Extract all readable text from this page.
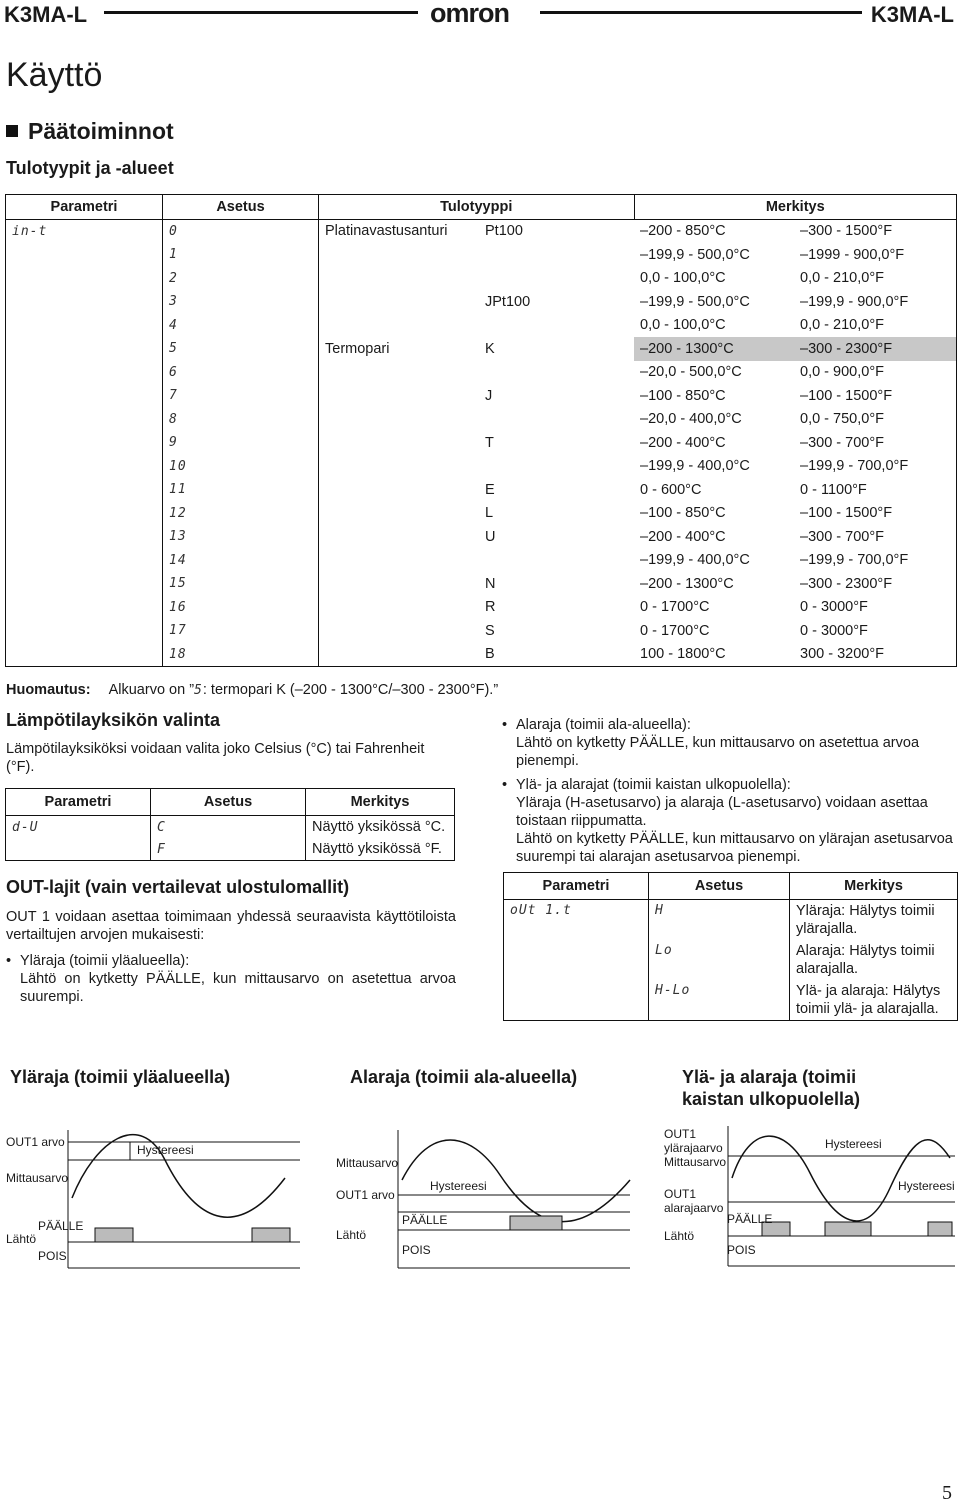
K3MA-L	omron	K3MA-L
Käyttö
Päätoiminnot
Tulotyypit ja -alueet
Parametri	Asetus	Tulotyyppi		Merkitys	
in-t	0	Platinavastusanturi	Pt100	–200 - 850°C	–300 - 1500°F
	1			–199,9 - 500,0°C	–1999 - 900,0°F
	2			0,0 - 100,0°C	0,0 - 210,0°F
	3		JPt100	–199,9 - 500,0°C	–199,9 - 900,0°F
	4			0,0 - 100,0°C	0,0 - 210,0°F
	5	Termopari	K	–200 - 1300°C	–300 - 2300°F
	6			–20,0 - 500,0°C	0,0 - 900,0°F
	7		J	–100 - 850°C	–100 - 1500°F
	8			–20,0 - 400,0°C	0,0 - 750,0°F
	9		T	–200 - 400°C	–300 - 700°F
	10			–199,9 - 400,0°C	–199,9 - 700,0°F
	11		E	0 - 600°C	0 - 1100°F
	12		L	–100 - 850°C	–100 - 1500°F
	13		U	–200 - 400°C	–300 - 700°F
	14			–199,9 - 400,0°C	–199,9 - 700,0°F
	15		N	–200 - 1300°C	–300 - 2300°F
	16		R	0 - 1700°C	0 - 3000°F
	17		S	0 - 1700°C	0 - 3000°F
	18		B	100 - 1800°C	300 - 3200°F
Huomautus: Alkuarvo on ”5: termopari K (–200 - 1300°C/–300 - 2300°F).”
Lämpötilayksikön valinta
Lämpötilayksiköksi voidaan valita joko Celsius (°C) tai Fahrenheit (°F).
Parametri	Asetus	Merkitys
d-U	C	Näyttö yksikössä °C.
	F	Näyttö yksikössä °F.
OUT-lajit (vain vertailevat ulostulomallit)
OUT 1 voidaan asettaa toimimaan yhdessä seuraavista käyttötiloista vertailtujen arvojen mukaisesti:
• Yläraja (toimii yläalueella):
Lähtö on kytketty PÄÄLLE, kun mittausarvo on asetettua arvoa suurempi.
• Alaraja (toimii ala-alueella):
Lähtö on kytketty PÄÄLLE, kun mittausarvo on asetettua arvoa pienempi.
• Ylä- ja alarajat (toimii kaistan ulkopuolella):
Yläraja (H-asetusarvo) ja alaraja (L-asetusarvo) voidaan asettaa toistaan riippumatta.
Lähtö on kytketty PÄÄLLE, kun mittausarvo on ylärajan asetusarvoa suurempi tai alarajan asetusarvoa pienempi.
Parametri	Asetus	Merkitys
oUt 1.t	H	Yläraja: Hälytys toimii ylärajalla.
	Lo	Alaraja: Hälytys toimii alarajalla.
	H-Lo	Ylä- ja alaraja: Hälytys toimii ylä- ja alarajalla.
Yläraja (toimii yläalueella)	Alaraja (toimii ala-alueella)	Ylä- ja alaraja (toimii kaistan ulkopuolella)
OUT1 arvo
Mittausarvo
Hystereesi
PÄÄLLE
Lähtö
POIS
Mittausarvo
OUT1 arvo
Hystereesi
PÄÄLLE
Lähtö
POIS
OUT1 ylärajaarvo
Mittausarvo
OUT1 alarajaarvo
Hystereesi
Hystereesi
PÄÄLLE
Lähtö
POIS
5
